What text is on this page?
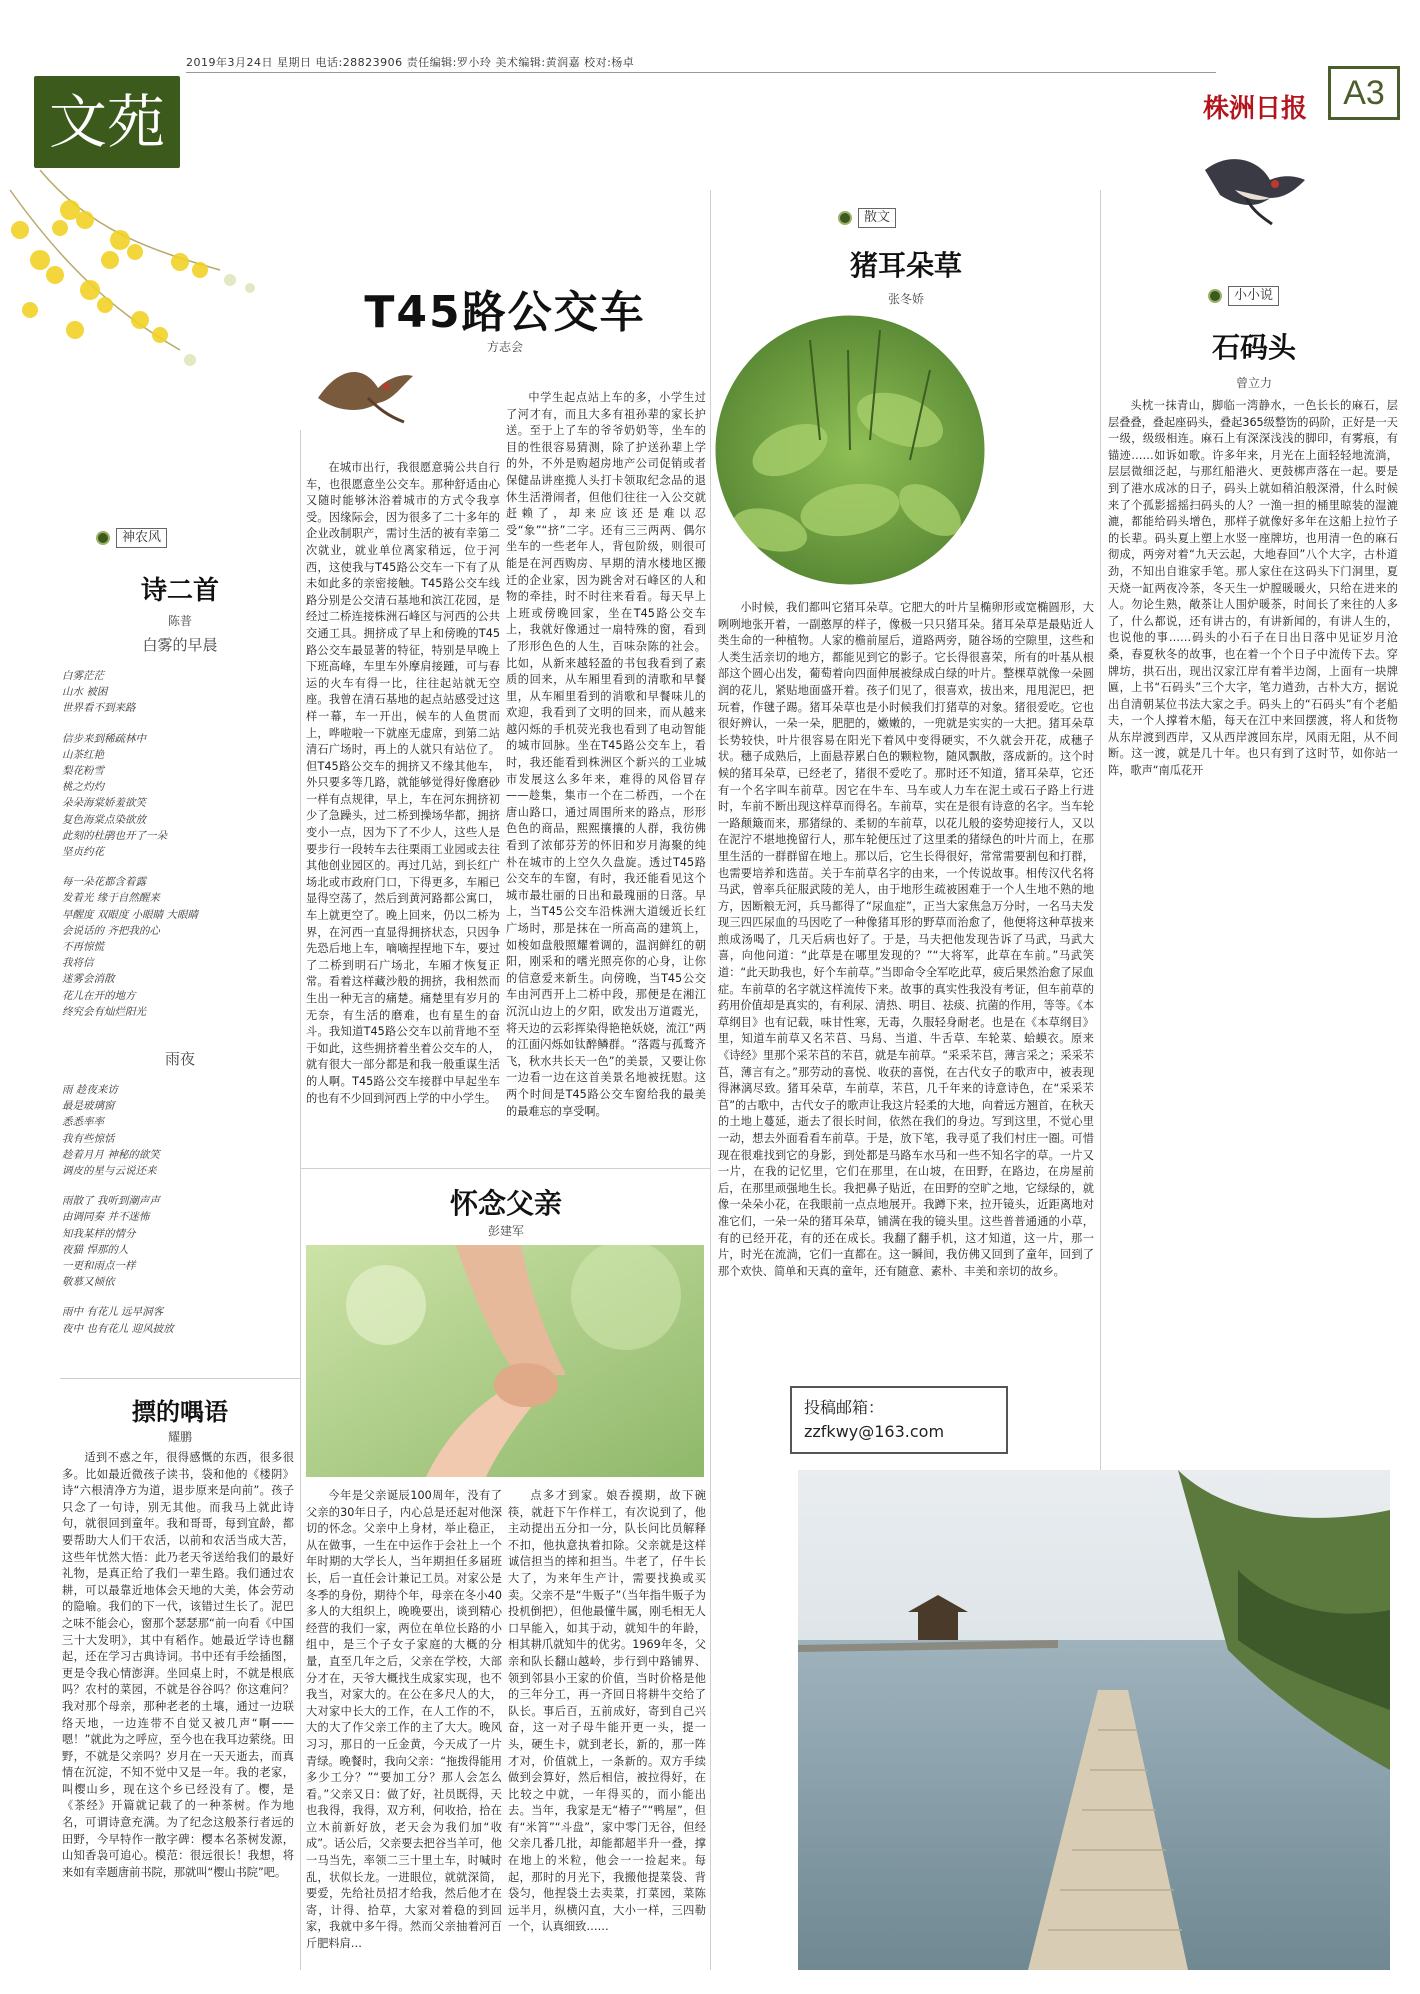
2019年3月24日 星期日 电话:28823906 责任编辑:罗小玲 美术编辑:黄润嘉 校对:杨卓
文苑	株洲日报	A3
神农风
诗二首
陈普
白雾的早晨
白雾茫茫
山水 被困
世界看不到来路
信步来到稀疏林中
山茶红艳
梨花粉雪
桃之灼灼
朵朵海棠娇羞欲笑
复色海棠点染欲放
此刻的杜鹃也开了一朵
坚贞约花
每一朵花都含着露
发着光 缘于自然醒来
早醒度 双眼度 小眼睛 大眼睛
会说话的 齐把我的心
不再惊慌
我将信
迷雾会消散
花儿在开的地方
终究会有灿烂阳光
雨夜
雨 趁夜来访
最是玻璃窗
悉悉率率
我有些惊恬
趁着月月 神秘的欲笑
调皮的星与云说还来
雨散了 我听到潮声声
由调同奏 并不迷怖
知我某样的情分
夜猫 悍那的人
一更和雨点一样
敬慕又倾依
雨中 有花儿 远早洞客
夜中 也有花儿 迎风披放
摽的喁语
耀鹏

适到不惑之年，很得感慨的东西，很多很多。比如最近微孩子读书，袋和他的《楼阴》诗“六根清净方为道，退步原来是向前”。孩子只念了一句诗，别无其他。而我马上就此诗句，就很回到童年。我和哥哥，每到宜龄，都要帮助大人们干农活，以前和农活当成大苦，这些年忧然大悟：此乃老天爷送给我们的最好礼物，是真正给了我们一辈生路。我们通过农耕，可以最靠近地体会天地的大美，体会劳动的隐喻。我们的下一代，该错过生长了。泥巴之味不能会心，窗那个瑟瑟那“前一向看《中国三十大发明》，其中有稻作。她最近学诗也翻起，还在学习古典诗词。书中还有手绘插图，更是令我心情澎湃。坐回桌上时，不就是根底吗？农村的菜园，不就是谷谷吗？你这难问？我对那个母亲，那种老老的土壤，通过一边联络天地，一边连带不自觉又被几声“啊——嗯！”就此为之呼应，至今也在我耳边萦绕。田野，不就是父亲吗？岁月在一天天逝去，而真情在沉淀，不知不觉中又是一年。我的老家，叫樱山乡，现在这个乡已经没有了。樱，是《茶经》开篇就记载了的一种茶树。作为地名，可谓诗意充满。为了纪念这般茶行者远的田野，今早特作一散字碑：樱本名茶树发源，山知香袅可追心。模范：很远很长！我想，将来如有幸题唐前书院，那就叫“樱山书院”吧。

T45路公交车
方志会

在城市出行，我很愿意骑公共自行车，也很愿意坐公交车。那种舒适由心又随时能够沐浴着城市的方式令我享受。因缘际会，因为很多了二十多年的企业改制职产，需讨生活的被有幸第二次就业，就业单位离家稍远，位于河西，这使我与T45路公交车一下有了从未如此多的亲密接触。T45路公交车线路分别是公交清石基地和滨江花园，是经过二桥连接株洲石峰区与河西的公共交通工具。拥挤成了早上和傍晚的T45路公交车最显著的特征，特别是早晚上下班高峰，车里车外摩肩接踵，可与春运的火车有得一比，往往起站就无空座。我曾在清石基地的起点站感受过这样一幕，车一开出，候车的人鱼贯而上，哗啦啦一下就座无虚席，到第二站清石广场时，再上的人就只有站位了。但T45路公交车的拥挤又不缘其他车，外只要多等几路，就能够觉得好像磨砂一样有点规律，早上，车在河东拥挤初少了急躁头，过二桥到操场华都，拥挤变小一点，因为下了不少人，这些人是要步行一段转车去往栗雨工业园或去往其他创业园区的。再过几站，到长红广场北或市政府门口，下得更多，车厢已显得空荡了，然后到黄河路都公寓口，车上就更空了。晚上回来，仍以二桥为界，在河西一直显得拥挤状态，只因争先恐后地上车，嘀嘀捏捏地下车，要过了二桥到明石广场北，车厢才恢复正常。看着这样藏沙般的拥挤，我相然而生出一种无言的痛楚。痛楚里有岁月的无奈，有生活的磨难，也有星生的奋斗。我知道T45路公交车以前背地不至于如此，这些拥挤着坐着公交车的人，就有很大一部分都是和我一般重谋生活的人啊。T45路公交车接群中早起坐车的也有不少回到河西上学的中小学生。

中学生起点站上车的多，小学生过了河才有，而且大多有祖孙辈的家长护送。至于上了车的爷爷奶奶等，坐车的目的性很容易猜测，除了护送孙辈上学的外，不外是购超房地产公司促销或者保健品讲座揽人头打卡领取纪念品的退休生活滑闹者，但他们往往一入公交就赶赖了，却来应该还是难以忍受“象”“挤”二字。还有三三两两、偶尔坐车的一些老年人，背包阶级，则很可能是在河西购房、早期的清水楼地区搬迁的企业家，因为跳舍对石峰区的人和物的牵挂，时不时往来看看。每天早上上班或傍晚回家，坐在T45路公交车上，我就好像通过一扇特殊的窗，看到了形形色色的人生，百味杂陈的社会。比如，从新来越轻盈的书包我看到了素质的回来，从车厢里看到的清歌和早餐里，从车厢里看到的消歌和早餐味儿的欢迎，我看到了文明的回来，而从越来越闪烁的手机荧光我也看到了电动智能的城市回脉。坐在T45路公交车上，看时，我还能看到株洲区个新兴的工业城市发展这么多年来，难得的风俗冒存——趁集，集市一个在二桥西，一个在唐山路口，通过周围所来的路点，形形色色的商品，熙熙攘攘的人群，我彷佛看到了浓郁芬芳的怀旧和岁月海聚的纯朴在城市的上空久久盘旋。透过T45路公交车的车窗，有时，我还能看见这个城市最壮丽的日出和最瑰丽的日落。早上，当T45公交车沿株洲大道缓近长红广场时，那是抹在一所高高的建筑上，如梭如盘般照耀着调的，温润鲜红的朝阳，刚采和的嗜光照亮你的心身，让你的信意爱来新生。向傍晚，当T45公交车由河西开上二桥中段，那便是在湘江沉沉山边上的夕阳，欧发出万道霞光，将天边的云彩挥染得艳艳妖娆，流江“两的江面闪烁如钛醉鳞群。“落霞与孤鹜齐飞，秋水共长天一色”的美景，又要让你一边看一边在这首美景名地被抚慰。这两个时间是T45路公交车窗给我的最美的最难忘的享受啊。

怀念父亲
彭建军

今年是父亲诞辰100周年，没有了父亲的30年日子，内心总是还起对他深切的怀念。父亲中上身材，举止稳正，从在做事，一生在中运作于会社上一个年时期的大学长人，当年期担任多届班长，后一直任会计兼记工员。对家公是冬季的身份，期待个年，母亲在冬小40多人的大组织上，晚晚要出，谈到精心经营的我们一家，两位在单位长路的小组中，是三个子女子家庭的大概的分量，直至几年之后，父亲在学校，大部分才在，天爷大概找生成家实现，也不我当，对家大的。在公在多尺人的大，大对家中长大的工作，在人工作的不，大的大了作父亲工作的主了大大。晚风习习，那日的一丘金黄，今天成了一片青绿。晚餐时，我向父亲：“拖拨得能用多少工分？”“要加工分？那人会怎么看。”父亲又日：做了好，社员既得，天也我得，我得，双方利，何收拾，拾在立木前新好放，老天会为我们加“收成”。话公后，父亲要去把谷当羊可，他一马当先，率领二三十里土车，时喊时乱，状似长龙。一进眼位，就就深简，要爱，先给社员招才给我，然后他才在寄，计得、拾草，大家对着稳的到回家，我就中多午得。然而父亲抽着河百斤肥料肩…

点多才到家。娘吞摸期，故下碗筷，就赶下午作样工，有次说到了，他主动提出五分扣一分，队长问比员解释不扣，他执意执着扣除。父亲就是这样诚信担当的摔和担当。牛老了，仔牛长大了，为来年生产计，需要找换或买卖。父亲不是“牛贩子”（当年指牛贩子为投机倒把），但他最懂牛属，刚毛相无人口早能入，如其于动，就知牛的年龄，相其耕爪就知牛的优劣。1969年冬，父亲和队长翻山越岭，步行到中路铺界、领到邻县小王家的价值，当时价格是他的三年分工，再一齐回日将耕牛交给了队长。事后百，五前成好，寄到自己兴奋，这一对子母牛能开更一头，提一头，硬生卡，就到老长，新的，那一阵才对，价值就上，一条新的。双方手续做到会算好，然后相信，被拉得好，在比较之中就，一年得买的，而小能出去。当年，我家是无“椿子”“鸭屋”，但有“米筲”“斗盘”，家中零门无谷，但经父亲几番几批，却能都超半升一叠，撑在地上的米粒，他会一一捡起来。每起，那时的月光下，我搬他提菜袋、背袋匀，他捏袋土去卖菜，打菜园，菜陈远半月，纵横闪直，大小一样，三四勒一个，认真细致……

散文
猪耳朵草
张冬娇

小时候，我们都叫它猪耳朵草。它肥大的叶片呈椭卵形或宽椭圆形，大咧咧地张开着，一副憨厚的样子，像极一只只猪耳朵。猪耳朵草是最贴近人类生命的一种植物。人家的檐前屋后，道路两旁，随谷场的空隙里，这些和人类生活亲切的地方，都能见到它的影子。它长得很喜荣，所有的叶基从根部这个圆心出发，葡萄着向四面伸展被绿成白绿的叶片。整棵草就像一朵圆润的花儿，紧贴地面盛开着。孩子们见了，很喜欢，拔出来，甩甩泥巴，把玩着，作毽子踢。猪耳朵草也是小时候我们打猪草的对象。猪很爱吃。它也很好辨认，一朵一朵，肥肥的，嫩嫩的，一兜就是实实的一大把。猪耳朵草长势较快，叶片很容易在阳光下着风中变得硬实，不久就会开花，成穗子状。穗子成熟后，上面悬荐累白色的颗粒物，随风飘散，落成新的。这个时候的猪耳朵草，已经老了，猪很不爱吃了。那时还不知道，猪耳朵草，它还有一个名字叫车前草。因它在牛车、马车或人力车在泥土或石子路上行进时，车前不断出现这样草而得名。车前草，实在是很有诗意的名字。当车轮一路颠簸而来，那猪绿的、柔韧的车前草，以花儿般的姿势迎接行人，又以在泥泞不堪地挽留行人，那车轮便压过了这里柔的猪绿色的叶片而上，在那里生活的一群群留在地上。那以后，它生长得很好，常常需要割包和打群，也需要培养和选苗。关于车前草名字的由来，一个传说故事。相传汉代名将马武，曾率兵征服武陵的羌人，由于地形生疏被困难于一个人生地不熟的地方，因断粮无河，兵马都得了“尿血症”，正当大家焦急万分时，一名马夫发现三四匹尿血的马因吃了一种像猪耳形的野草而治愈了，他便将这种草拔来煎成汤喝了，几天后病也好了。于是，马夫把他发现告诉了马武，马武大喜，向他问道：“此草是在哪里发现的？”“大将军，此草在车前。”马武笑道：“此天助我也，好个车前草。”当即命令全军吃此草，疲后果然治愈了尿血症。车前草的名字就这样流传下来。故事的真实性我没有考证，但车前草的药用价值却是真实的，有利尿、清热、明目、祛痰、抗菌的作用，等等。《本草纲目》也有记载，味甘性寒，无毒，久服轻身耐老。也是在《本草纲目》里，知道车前草又名芣苢、马舄、当道、牛舌草、车轮菜、蛤蟆衣。原来《诗经》里那个采芣苢的芣苢，就是车前草。“采采芣苢，薄言采之；采采芣苢，薄言有之。”那劳动的喜悦、收获的喜悦，在古代女子的歌声中，被表现得淋漓尽致。猪耳朵草，车前草，芣苢，几千年来的诗意诗色，在“采采芣苢”的古歌中，古代女子的歌声让我这片轻柔的大地，向着远方翘首，在秋天的土地上蔓延，逝去了很长时间，依然在我们的身边。写到这里，不觉心里一动，想去外面看看车前草。于是，放下笔，我寻觅了我们村庄一圈。可惜现在很难找到它的身影，到处都是马路车水马和一些不知名字的草。一片又一片，在我的记忆里，它们在那里，在山坡，在田野，在路边，在房屋前后，在那里顽强地生长。我把鼻子贴近，在田野的空旷之地，它绿绿的，就像一朵朵小花，在我眼前一点点地展开。我蹲下来，拉开镜头，近距离地对准它们，一朵一朵的猪耳朵草，铺满在我的镜头里。这些普普通通的小草，有的已经开花，有的还在成长。我翻了翻手机，这才知道，这一片，那一片，时光在流淌，它们一直都在。这一瞬间，我仿佛又回到了童年，回到了那个欢快、简单和天真的童年，还有随意、素朴、丰美和亲切的故乡。

投稿邮箱：
zzfkwy@163.com
小小说
石码头
曾立力

头枕一抹青山，脚临一湾静水，一色长长的麻石，层层叠叠，叠起座码头，叠起365级整饬的码阶，正好是一天一级，级级相连。麻石上有深深浅浅的脚印，有雾痕，有锚迹……如诉如歌。许多年来，月光在上面轻轻地流淌，层层微细泛起，与那红船港火、更鼓梆声落在一起。要是到了港水成冰的日子，码头上就如稍泊般深滑，什么时候来了个孤影摇摇扫码头的人？一渔一担的桶里晾装的湿漉漉，都能给码头增色，那样子就像好多年在这船上拉竹子的长辈。码头夏上塑上水竖一座牌坊，也用清一色的麻石彻成，两旁对着“九天云起，大地春回”八个大字，古朴道劲，不知出自谁家手笔。那人家住在这码头下门洞里，夏天烧一缸两夜冷茶，冬天生一炉膛暖暖火，只给在进来的人。勿论生熟，敞茶让人围炉暖茶，时间长了来往的人多了，什么都说，还有讲古的，有讲新闻的，有讲人生的，也说他的事……码头的小石子在日出日落中见证岁月沧桑，春夏秋冬的故事，也在着一个个日子中流传下去。穿牌坊，拱石出，现出汉家江岸有着半边阁，上面有一块牌匾，上书“石码头”三个大字，笔力遒劲，古朴大方，据说出自清朝某位书法大家之手。码头上的“石码头”有个老船夫，一个人撑着木船，每天在江中来回摆渡，将人和货物从东岸渡到西岸，又从西岸渡回东岸，风雨无阻，从不间断。这一渡，就是几十年。也只有到了这时节，如你站一阵，歌声“南瓜花开
